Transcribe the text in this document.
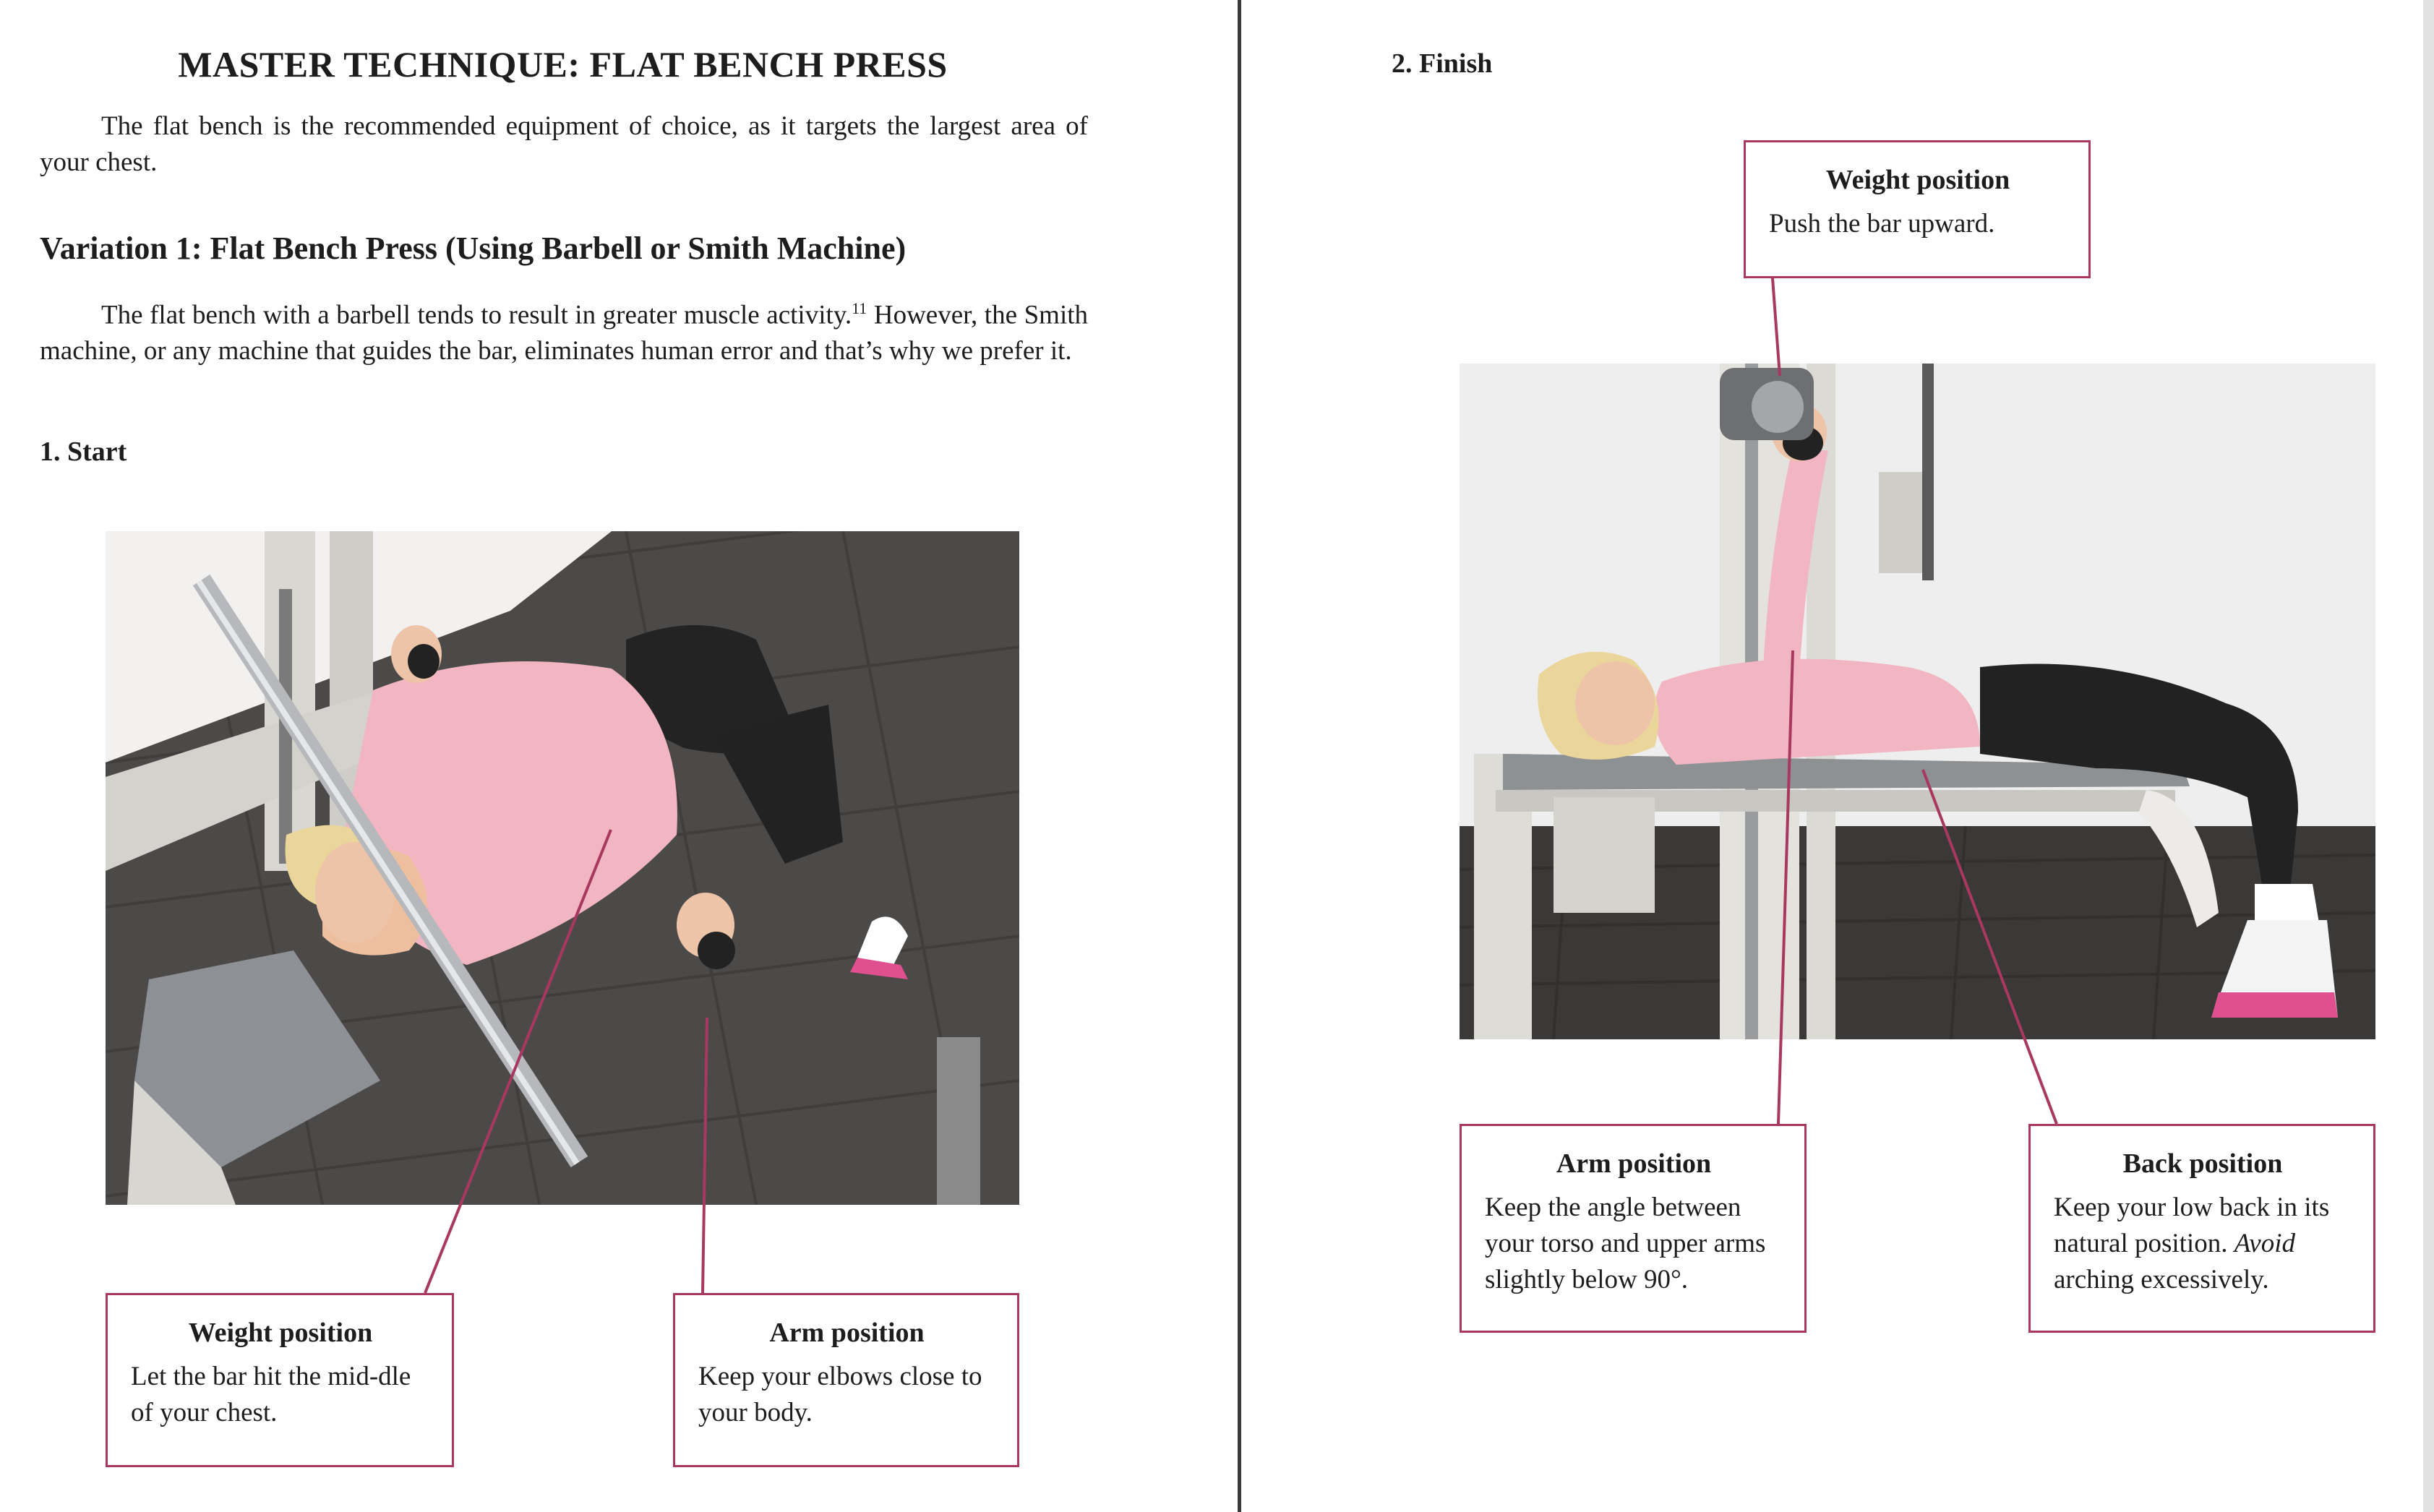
MASTER TECHNIQUE: FLAT BENCH PRESS
The flat bench is the recommended equipment of choice, as it targets the largest area of your chest.
Variation 1: Flat Bench Press (Using Barbell or Smith Machine)
The flat bench with a barbell tends to result in greater muscle activity.$^{11}$ However, the Smith machine, or any machine that guides the bar, eliminates human error and that’s why we prefer it.
1. Start
Weight position
Let the bar hit the mid-dle of your chest.
Arm position
Keep your elbows close to your body.
2. Finish
Weight position
Push the bar upward.
Arm position
Keep the angle between your torso and upper arms slightly below 90°.
Back position
Keep your low back in its natural position. Avoid arching excessively.
